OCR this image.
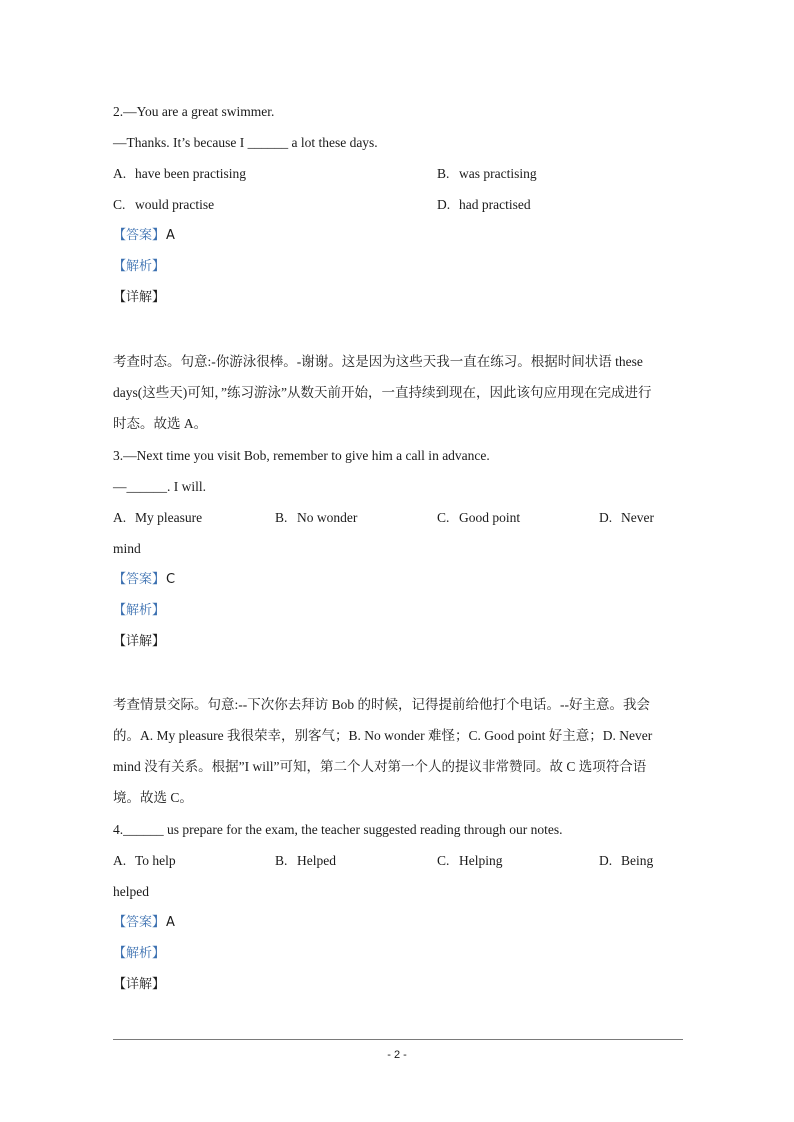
2.—You are a great swimmer.
—Thanks. It’s because I ______ a lot these days.
A. have been practising	B. was practising
C. would practise	D. had practised
【答案】A
【解析】
【详解】
考查时态。句意:-你游泳很棒。-谢谢。这是因为这些天我一直在练习。根据时间状语 these
days(这些天)可知，”练习游泳”从数天前开始，一直持续到现在，因此该句应用现在完成进行
时态。故选 A。
3.—Next time you visit Bob, remember to give him a call in advance.
—______. I will.
A. My pleasure	B. No wonder	C. Good point	D. Never
mind
【答案】C
【解析】
【详解】
考查情景交际。句意:--下次你去拜访 Bob 的时候，记得提前给他打个电话。--好主意。我会
的。A. My pleasure 我很荣幸，别客气；B. No wonder 难怪；C. Good point 好主意；D. Never
mind 没有关系。根据”I will”可知，第二个人对第一个人的提议非常赞同。故 C 选项符合语
境。故选 C。
4.______ us prepare for the exam, the teacher suggested reading through our notes.
A. To help	B. Helped	C. Helping	D. Being
helped
【答案】A
【解析】
【详解】
- 2 -
